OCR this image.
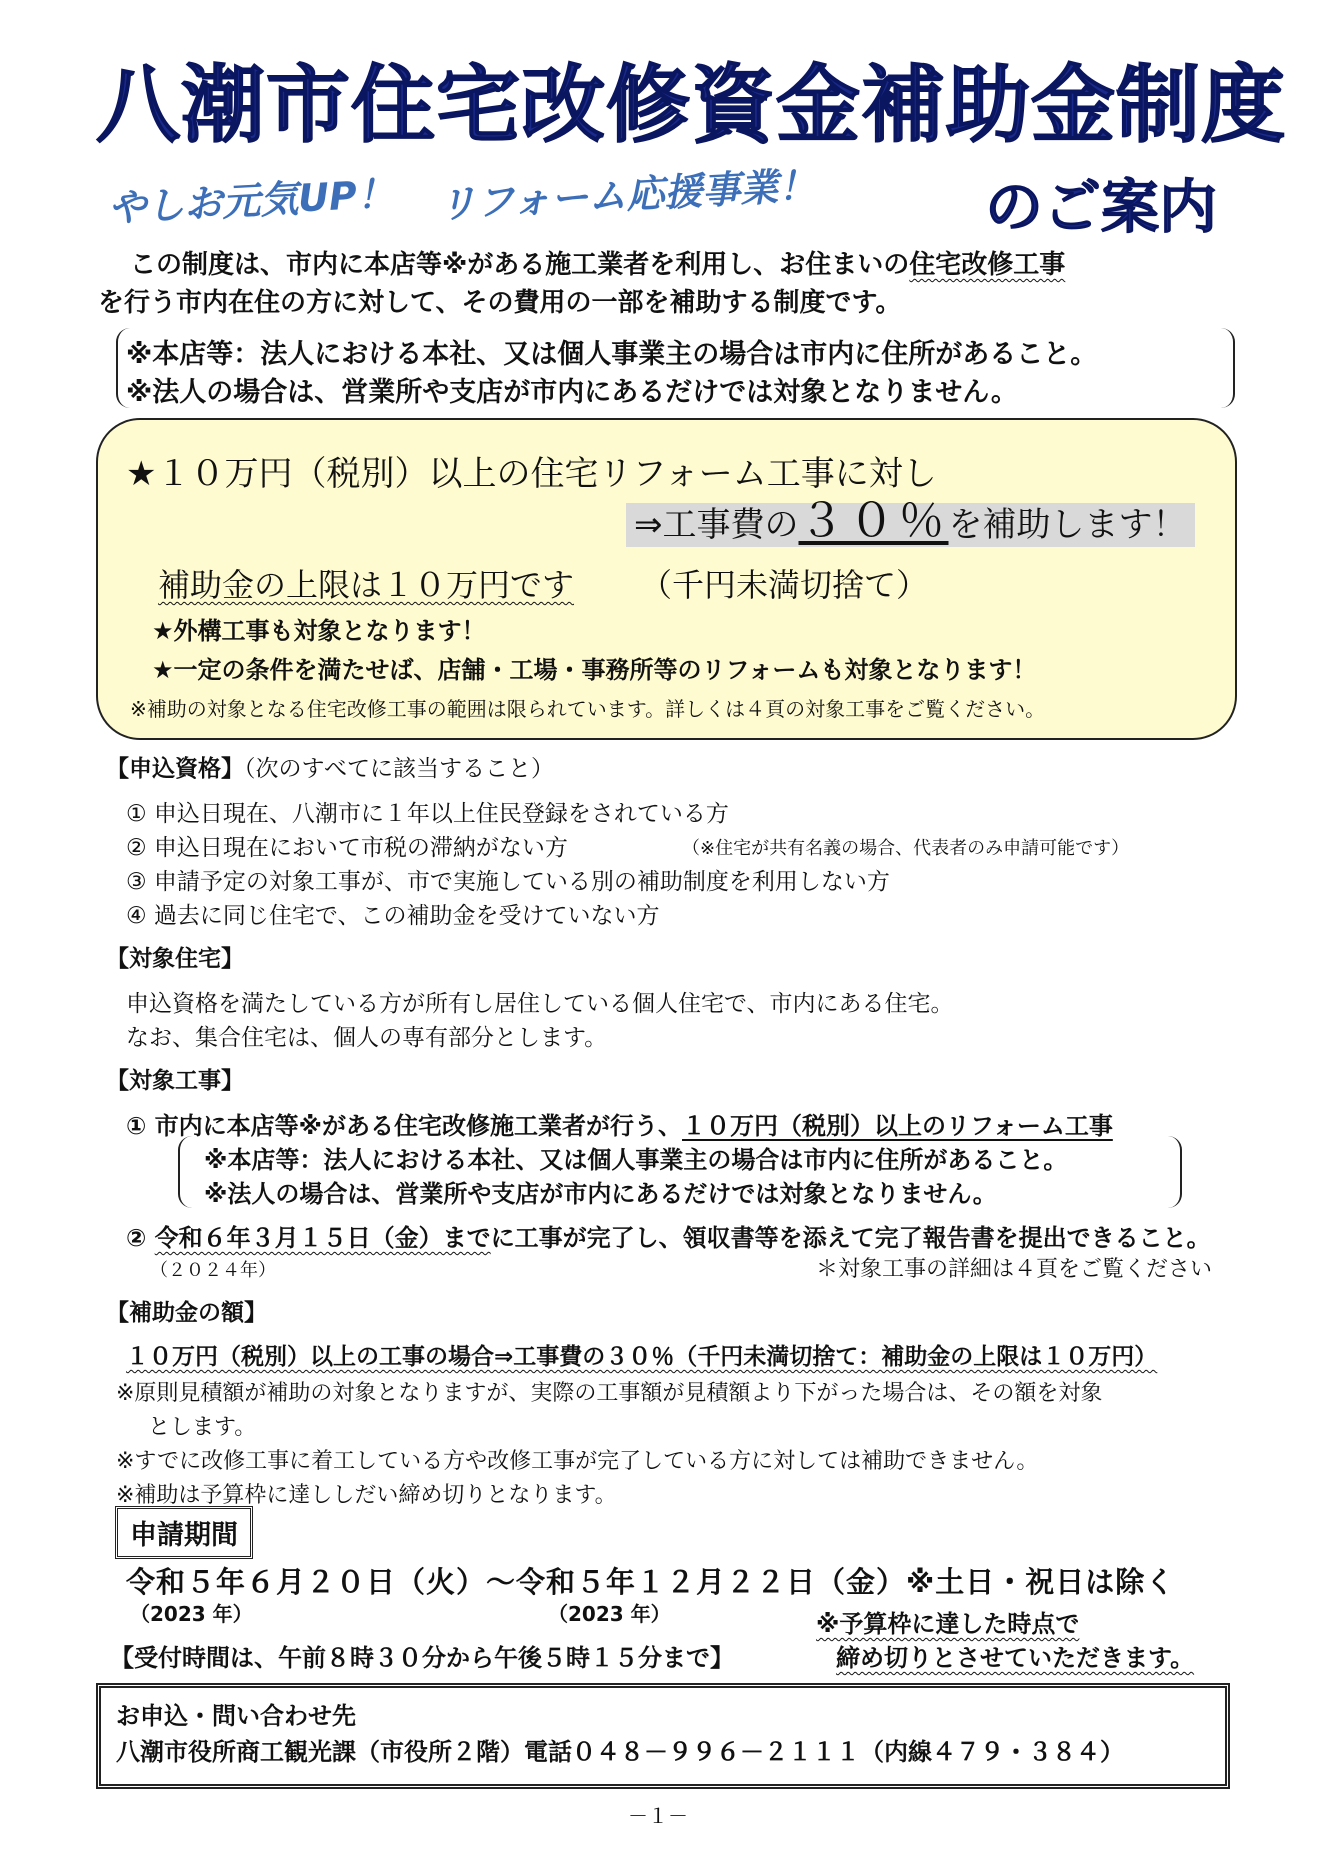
八潮市住宅改修資金補助金制度
やしお元気UP！ リフォーム応援事業！	のご案内
この制度は、市内に本店等※がある施工業者を利用し、お住まいの住宅改修工事
を行う市内在住の方に対して、その費用の一部を補助する制度です。
※本店等：法人における本社、又は個人事業主の場合は市内に住所があること。
※法人の場合は、営業所や支店が市内にあるだけでは対象となりません。
★１０万円（税別）以上の住宅リフォーム工事に対し
⇒工事費の３０％を補助します！
補助金の上限は１０万円です （千円未満切捨て）
★外構工事も対象となります！
★一定の条件を満たせば、店舗・工場・事務所等のリフォームも対象となります！
※補助の対象となる住宅改修工事の範囲は限られています。詳しくは４頁の対象工事をご覧ください。
【申込資格】（次のすべてに該当すること）
① 申込日現在、八潮市に１年以上住民登録をされている方
② 申込日現在において市税の滞納がない方	（※住宅が共有名義の場合、代表者のみ申請可能です）
③ 申請予定の対象工事が、市で実施している別の補助制度を利用しない方
④ 過去に同じ住宅で、この補助金を受けていない方
【対象住宅】
申込資格を満たしている方が所有し居住している個人住宅で、市内にある住宅。
なお、集合住宅は、個人の専有部分とします。
【対象工事】
① 市内に本店等※がある住宅改修施工業者が行う、１０万円（税別）以上のリフォーム工事
※本店等：法人における本社、又は個人事業主の場合は市内に住所があること。
※法人の場合は、営業所や支店が市内にあるだけでは対象となりません。
② 令和６年３月１５日（金）までに工事が完了し、領収書等を添えて完了報告書を提出できること。
（２０２４年）	＊対象工事の詳細は４頁をご覧ください
【補助金の額】
１０万円（税別）以上の工事の場合⇒工事費の３０％（千円未満切捨て：補助金の上限は１０万円）
※原則見積額が補助の対象となりますが、実際の工事額が見積額より下がった場合は、その額を対象
とします。
※すでに改修工事に着工している方や改修工事が完了している方に対しては補助できません。
※補助は予算枠に達ししだい締め切りとなります。
申請期間
令和５年６月２０日（火）～令和５年１２月２２日（金）※土日・祝日は除く
（2023 年）	（2023 年）	※予算枠に達した時点で
締め切りとさせていただきます。
【受付時間は、午前８時３０分から午後５時１５分まで】
お申込・問い合わせ先
八潮市役所商工観光課（市役所２階）電話０４８－９９６－２１１１（内線４７９・３８４）
－１－
